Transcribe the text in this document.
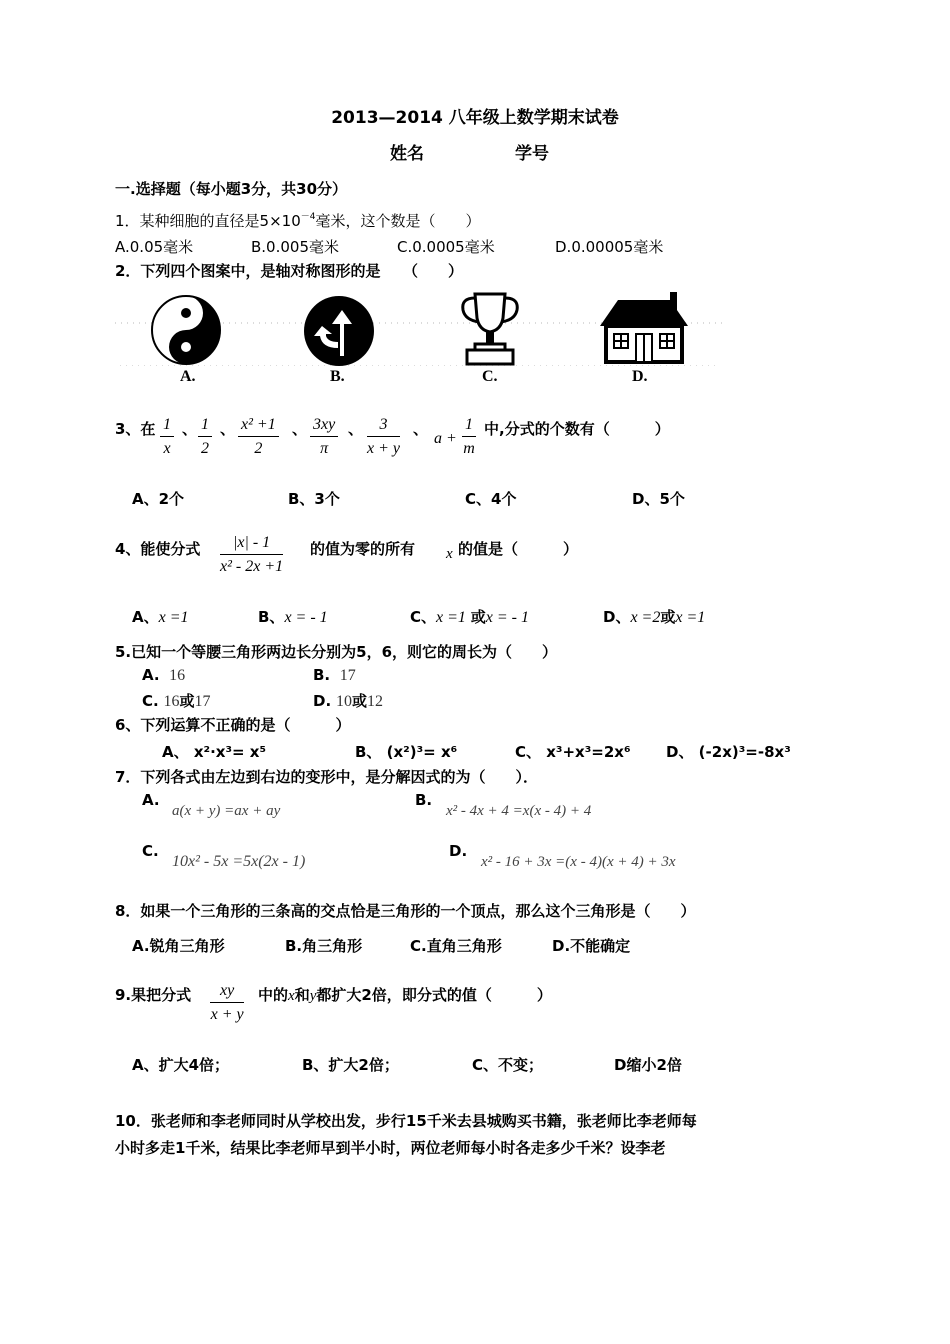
2013—2014 八年级上数学期末试卷
姓名	学号
一.选择题（每小题3分，共30分）
1．某种细胞的直径是$5\times 10^{-4}$毫米，这个数是（　　）
A.0.05毫米	B.0.005毫米	C.0.0005毫米	D.0.00005毫米
2．下列四个图案中，是轴对称图形的是　　（　　）
A.	B.	C.	D.
3、在 $\frac{1}{x}$ 、 $\frac{1}{2}$ 、 $\frac{\text{x² +1}}{2}$ 、 $\frac{3xy}{\pi}$ 、 $\frac{3}{x + y}$ 、
$a + \frac{1}{m}$ 中,分式的个数有（　　　）
A、2个	B、3个	C、4个	D、5个
4、能使分式 $\frac{|x| - 1}{\text{x² - 2x +1}}$ 的值为零的所有 x 的值是（　　　）
A、x =1	B、x = - 1	C、x =1 或x = - 1	D、x =2或x =1
5.已知一个等腰三角形两边长分别为5，6，则它的周长为（　　）
A. 16	B. 17
C. 16或17	D. 10或12
6、下列运算不正确的是（　　　）
A、 x²·x³= x⁵	B、 (x²)³= x⁶	C、 x³+x³=2x⁶ D、 (-2x)³=-8x³
7．下列各式由左边到右边的变形中，是分解因式的为（　　）．
A.
a(x + y) =ax + ay
B.
x² - 4x + 4 =x(x - 4) + 4
C.
10x² - 5x =5x(2x - 1)
D.
x² - 16 + 3x =(x - 4)(x + 4) + 3x
8．如果一个三角形的三条高的交点恰是三角形的一个顶点，那么这个三角形是（　　）
A.锐角三角形	B.角三角形	C.直角三角形	D.不能确定
9.果把分式 $\frac{xy}{x + y}$ 中的x和y都扩大2倍，即分式的值（　　　）
A、扩大4倍；	B、扩大2倍；	C、不变；	D缩小2倍
10．张老师和李老师同时从学校出发，步行15千米去县城购买书籍，张老师比李老师每
小时多走1千米，结果比李老师早到半小时，两位老师每小时各走多少千米？设李老
